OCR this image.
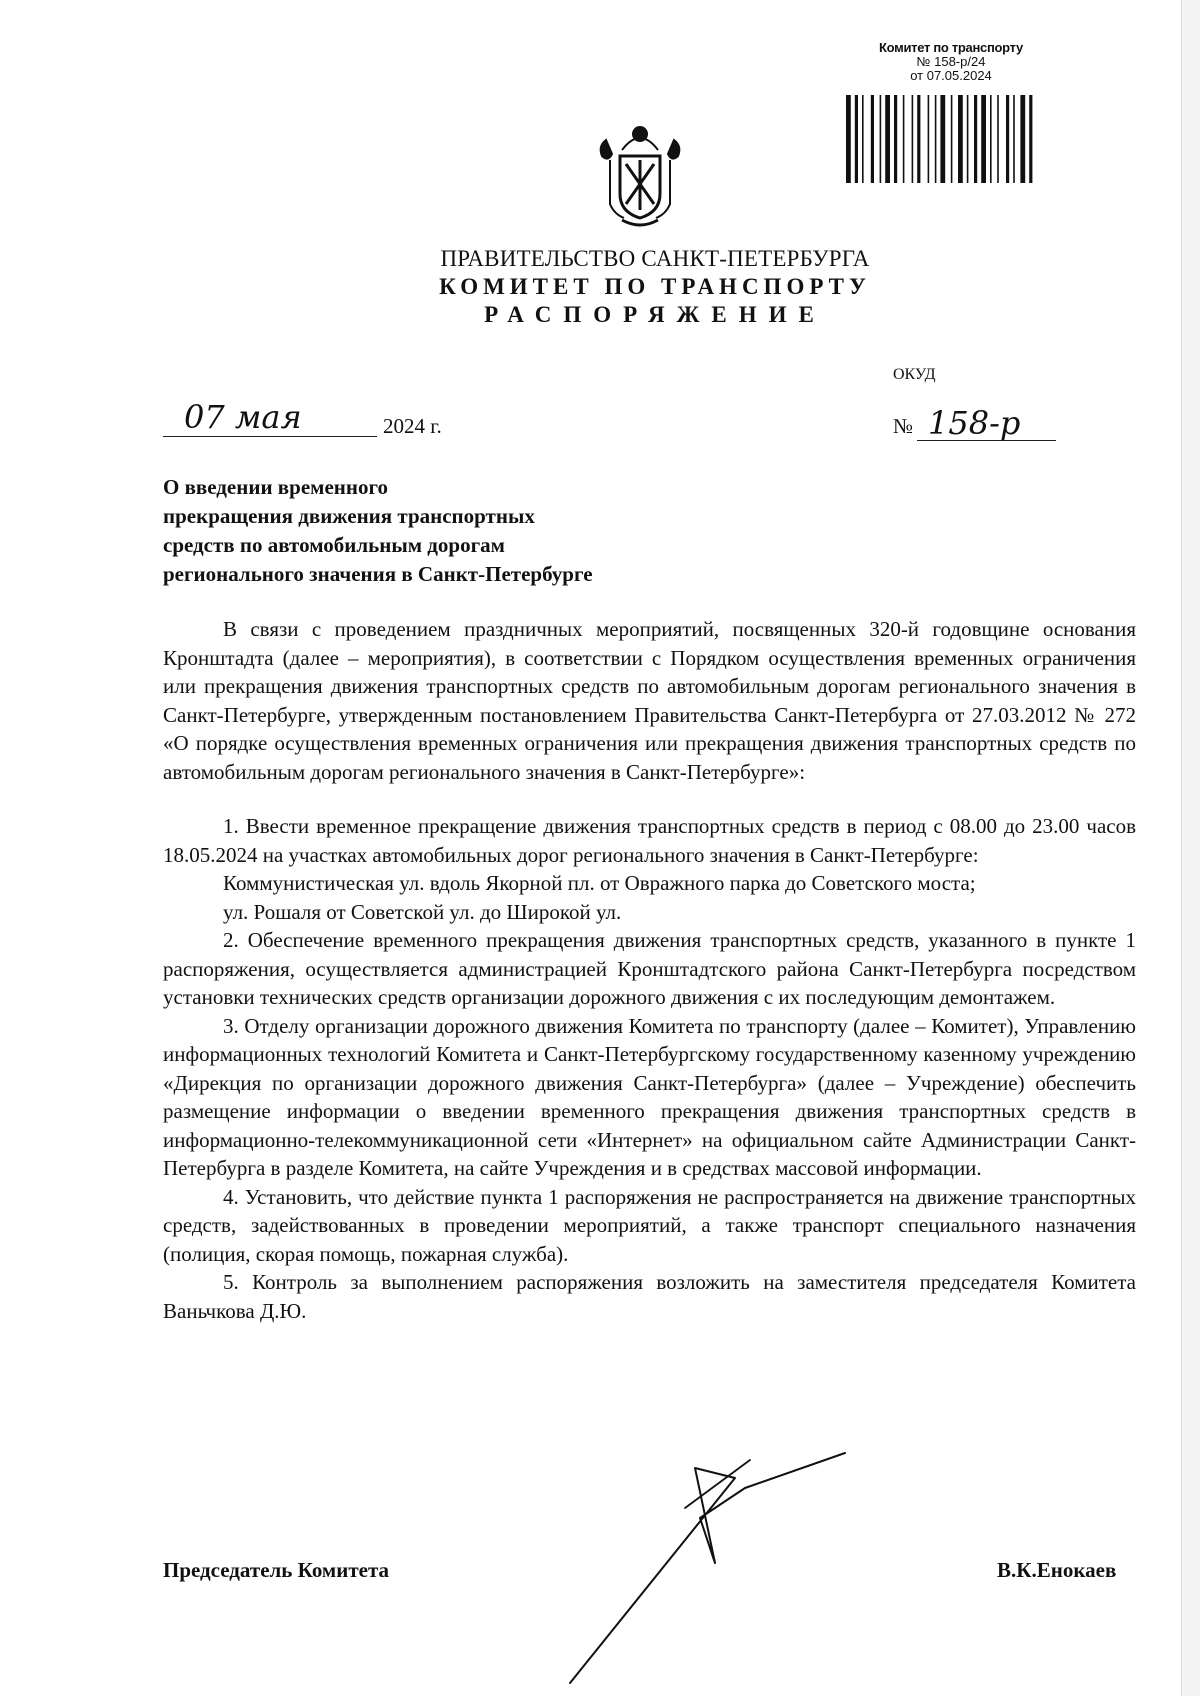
Комитет по транспорту
№ 158-р/24
от 07.05.2024
ПРАВИТЕЛЬСТВО САНКТ-ПЕТЕРБУРГА
КОМИТЕТ ПО ТРАНСПОРТУ
РАСПОРЯЖЕНИЕ
ОКУД
07 мая	2024 г.	№ 158-р
О введении временного
прекращения движения транспортных
средств по автомобильным дорогам
регионального значения в Санкт-Петербурге

В связи с проведением праздничных мероприятий, посвященных 320-й годовщине основания Кронштадта (далее – мероприятия), в соответствии с Порядком осуществления временных ограничения или прекращения движения транспортных средств по автомобильным дорогам регионального значения в Санкт-Петербурге, утвержденным постановлением Правительства Санкт-Петербурга от 27.03.2012 № 272 «О порядке осуществления временных ограничения или прекращения движения транспортных средств по автомобильным дорогам регионального значения в Санкт-Петербурге»:

1. Ввести временное прекращение движения транспортных средств в период с 08.00 до 23.00 часов 18.05.2024 на участках автомобильных дорог регионального значения в Санкт-Петербурге:

Коммунистическая ул. вдоль Якорной пл. от Овражного парка до Советского моста;

ул. Рошаля от Советской ул. до Широкой ул.

2. Обеспечение временного прекращения движения транспортных средств, указанного в пункте 1 распоряжения, осуществляется администрацией Кронштадтского района Санкт-Петербурга посредством установки технических средств организации дорожного движения с их последующим демонтажем.

3. Отделу организации дорожного движения Комитета по транспорту (далее – Комитет), Управлению информационных технологий Комитета и Санкт-Петербургскому государственному казенному учреждению «Дирекция по организации дорожного движения Санкт-Петербурга» (далее – Учреждение) обеспечить размещение информации о введении временного прекращения движения транспортных средств в информационно-телекоммуникационной сети «Интернет» на официальном сайте Администрации Санкт-Петербурга в разделе Комитета, на сайте Учреждения и в средствах массовой информации.

4. Установить, что действие пункта 1 распоряжения не распространяется на движение транспортных средств, задействованных в проведении мероприятий, а также транспорт специального назначения (полиция, скорая помощь, пожарная служба).

5. Контроль за выполнением распоряжения возложить на заместителя председателя Комитета Ваньчкова Д.Ю.

Председатель Комитета	В.К.Енокаев
